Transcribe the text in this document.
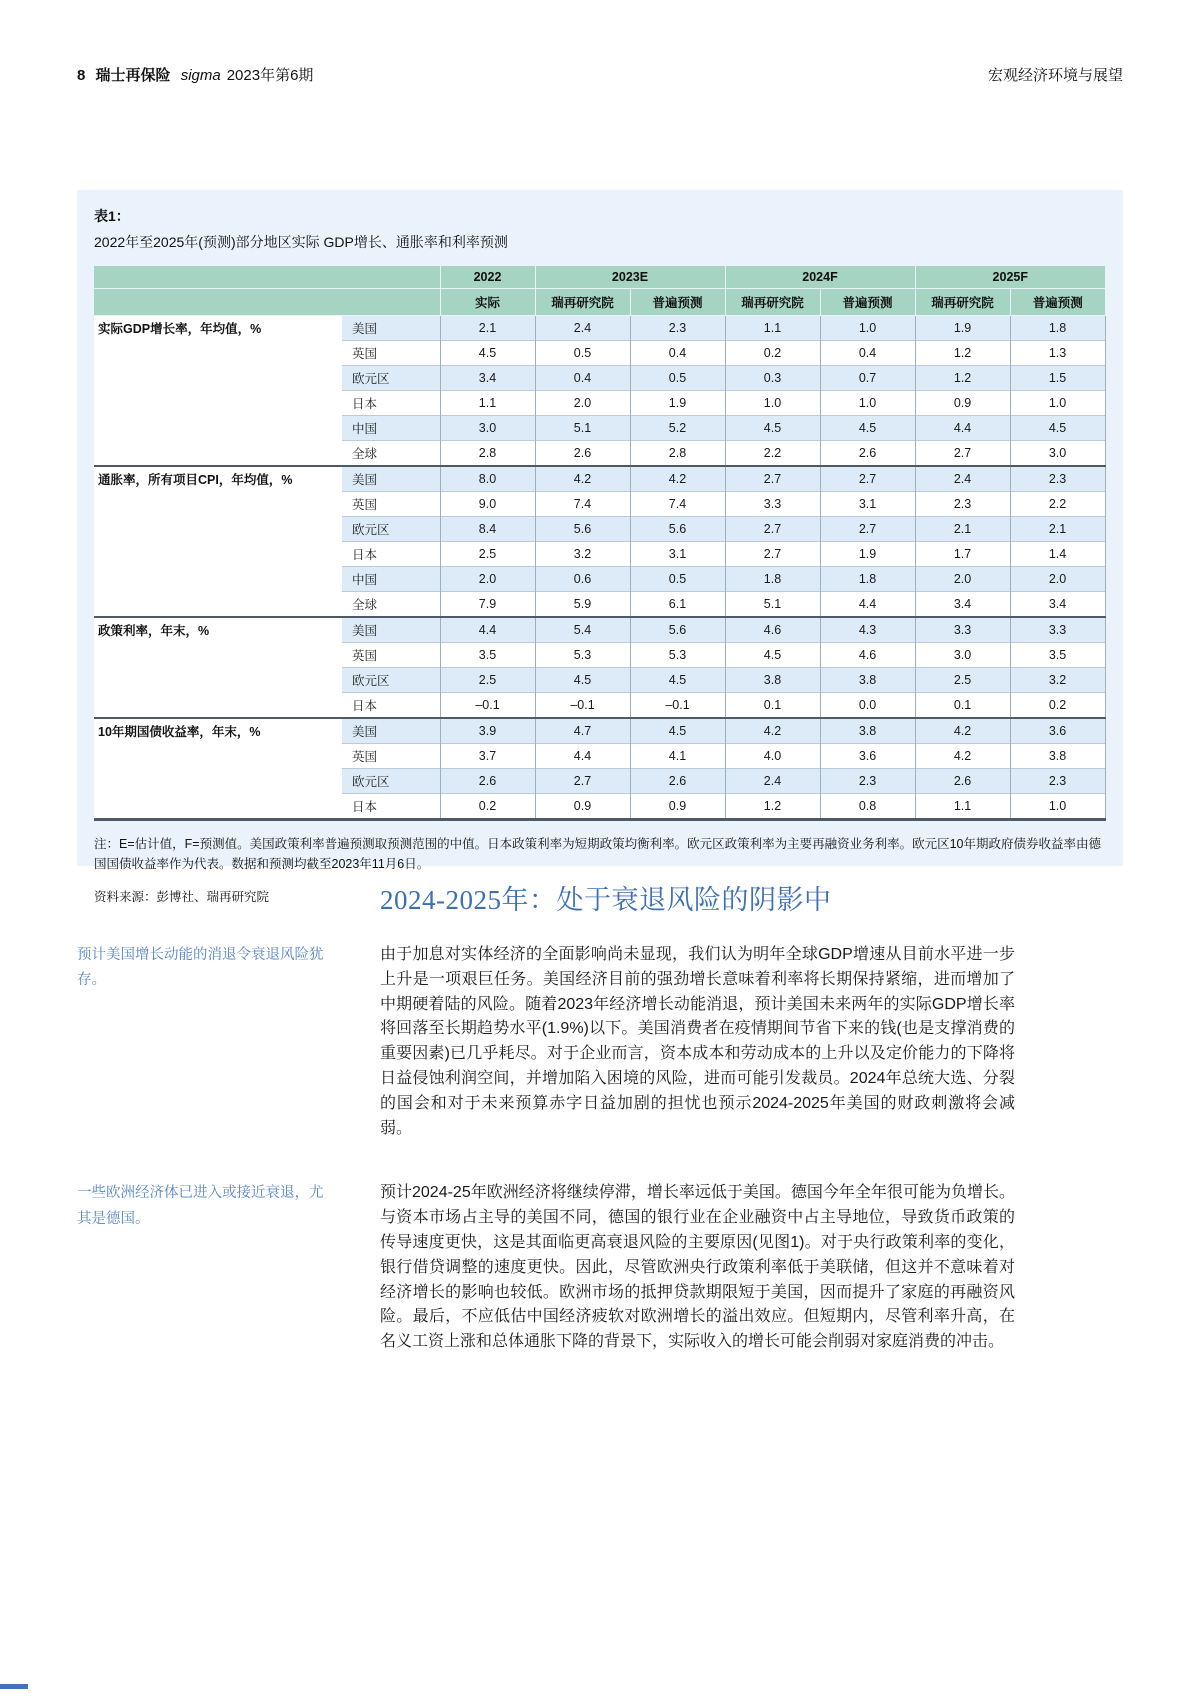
8 瑞士再保险 sigma 2023年第6期	宏观经济环境与展望

表1：

2022年至2025年(预测)部分地区实际 GDP增长、通胀率和利率预测

		2022	2023E		2024F		2025F	
		实际	瑞再研究院	普遍预测	瑞再研究院	普遍预测	瑞再研究院	普遍预测
实际GDP增长率，年均值，%	美国	2.1	2.4	2.3	1.1	1.0	1.9	1.8
	英国	4.5	0.5	0.4	0.2	0.4	1.2	1.3
	欧元区	3.4	0.4	0.5	0.3	0.7	1.2	1.5
	日本	1.1	2.0	1.9	1.0	1.0	0.9	1.0
	中国	3.0	5.1	5.2	4.5	4.5	4.4	4.5
	全球	2.8	2.6	2.8	2.2	2.6	2.7	3.0
通胀率，所有项目CPI，年均值，%	美国	8.0	4.2	4.2	2.7	2.7	2.4	2.3
	英国	9.0	7.4	7.4	3.3	3.1	2.3	2.2
	欧元区	8.4	5.6	5.6	2.7	2.7	2.1	2.1
	日本	2.5	3.2	3.1	2.7	1.9	1.7	1.4
	中国	2.0	0.6	0.5	1.8	1.8	2.0	2.0
	全球	7.9	5.9	6.1	5.1	4.4	3.4	3.4
政策利率，年末，%	美国	4.4	5.4	5.6	4.6	4.3	3.3	3.3
	英国	3.5	5.3	5.3	4.5	4.6	3.0	3.5
	欧元区	2.5	4.5	4.5	3.8	3.8	2.5	3.2
	日本	–0.1	–0.1	–0.1	0.1	0.0	0.1	0.2
10年期国债收益率，年末，%	美国	3.9	4.7	4.5	4.2	3.8	4.2	3.6
	英国	3.7	4.4	4.1	4.0	3.6	4.2	3.8
	欧元区	2.6	2.7	2.6	2.4	2.3	2.6	2.3
	日本	0.2	0.9	0.9	1.2	0.8	1.1	1.0

注：E=估计值，F=预测值。美国政策利率普遍预测取预测范围的中值。日本政策利率为短期政策均衡利率。欧元区政策利率为主要再融资业务利率。欧元区10年期政府债券收益率由德国国债收益率作为代表。数据和预测均截至2023年11月6日。

资料来源：彭博社、瑞再研究院	2024-2025年：处于衰退风险的阴影中
预计美国增长动能的消退令衰退风险犹存。
由于加息对实体经济的全面影响尚未显现，我们认为明年全球GDP增速从目前水平进一步上升是一项艰巨任务。美国经济目前的强劲增长意味着利率将长期保持紧缩，进而增加了中期硬着陆的风险。随着2023年经济增长动能消退，预计美国未来两年的实际GDP增长率将回落至长期趋势水平(1.9%)以下。美国消费者在疫情期间节省下来的钱(也是支撑消费的重要因素)已几乎耗尽。对于企业而言，资本成本和劳动成本的上升以及定价能力的下降将日益侵蚀利润空间，并增加陷入困境的风险，进而可能引发裁员。2024年总统大选、分裂的国会和对于未来预算赤字日益加剧的担忧也预示2024-2025年美国的财政刺激将会减弱。
一些欧洲经济体已进入或接近衰退，尤其是德国。
预计2024-25年欧洲经济将继续停滞，增长率远低于美国。德国今年全年很可能为负增长。与资本市场占主导的美国不同，德国的银行业在企业融资中占主导地位，导致货币政策的传导速度更快，这是其面临更高衰退风险的主要原因(见图1)。对于央行政策利率的变化，银行借贷调整的速度更快。因此，尽管欧洲央行政策利率低于美联储，但这并不意味着对经济增长的影响也较低。欧洲市场的抵押贷款期限短于美国，因而提升了家庭的再融资风险。最后，不应低估中国经济疲软对欧洲增长的溢出效应。但短期内，尽管利率升高，在名义工资上涨和总体通胀下降的背景下，实际收入的增长可能会削弱对家庭消费的冲击。
